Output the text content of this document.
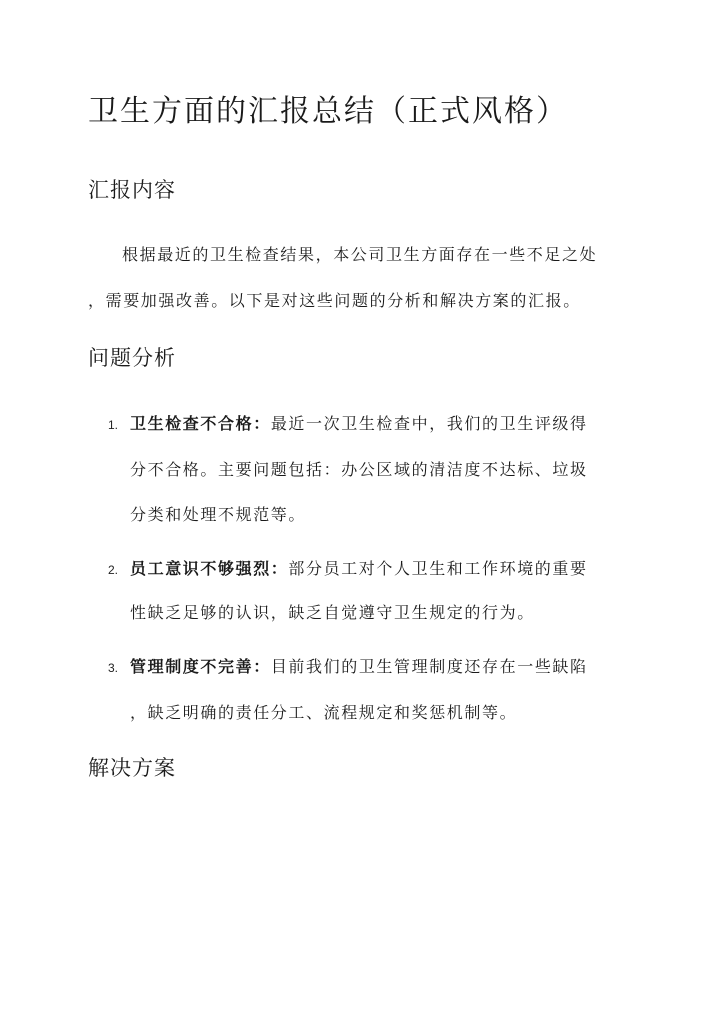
卫生方面的汇报总结（正式风格）
汇报内容

根据最近的卫生检查结果，本公司卫生方面存在一些不足之处

，需要加强改善。以下是对这些问题的分析和解决方案的汇报。

问题分析
1. 卫生检查不合格：最近一次卫生检查中，我们的卫生评级得
分不合格。主要问题包括：办公区域的清洁度不达标、垃圾
分类和处理不规范等。
2. 员工意识不够强烈：部分员工对个人卫生和工作环境的重要
性缺乏足够的认识，缺乏自觉遵守卫生规定的行为。
3. 管理制度不完善：目前我们的卫生管理制度还存在一些缺陷
，缺乏明确的责任分工、流程规定和奖惩机制等。
解决方案
